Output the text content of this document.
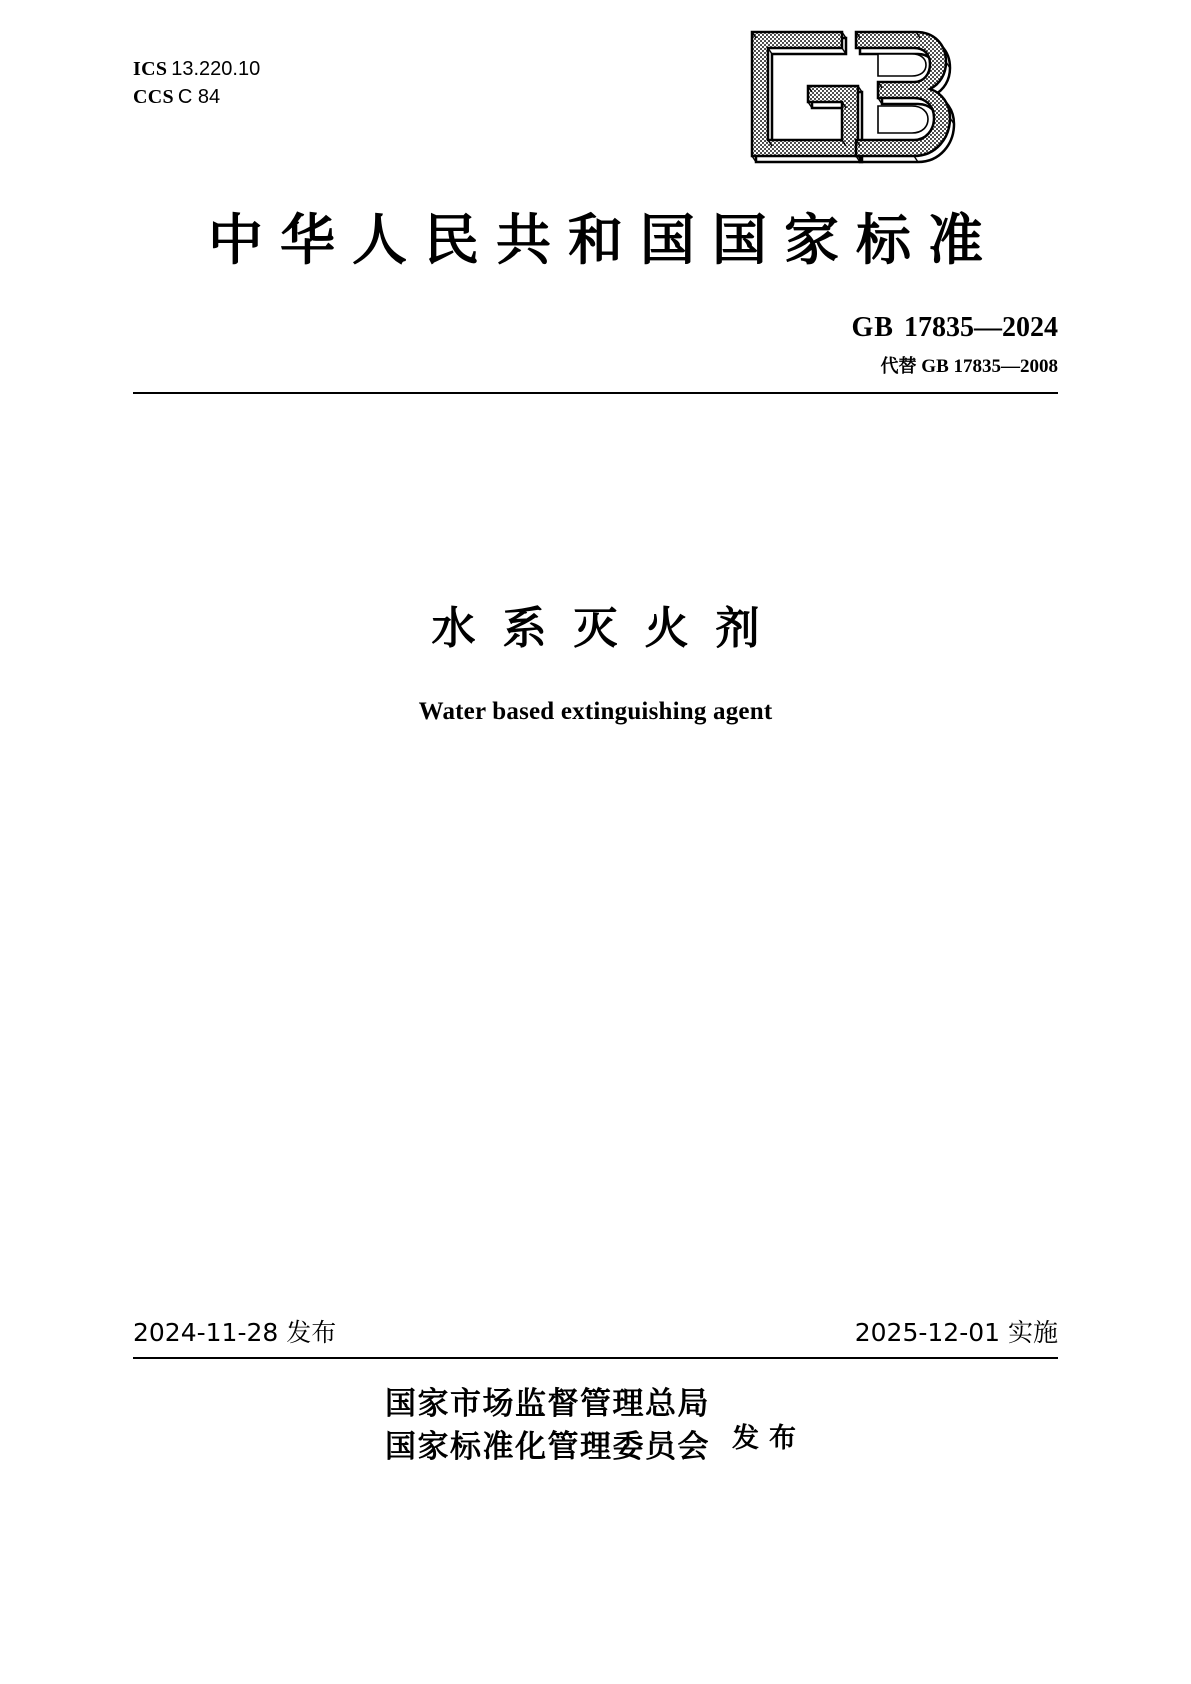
ICS 13.220.10
CCS C 84
中华人民共和国国家标准
GB 17835—2024
代替 GB 17835—2008
水系灭火剂
Water based extinguishing agent
2024-11-28 发布	2025-12-01 实施
国家市场监督管理总局
国家标准化管理委员会 发布
